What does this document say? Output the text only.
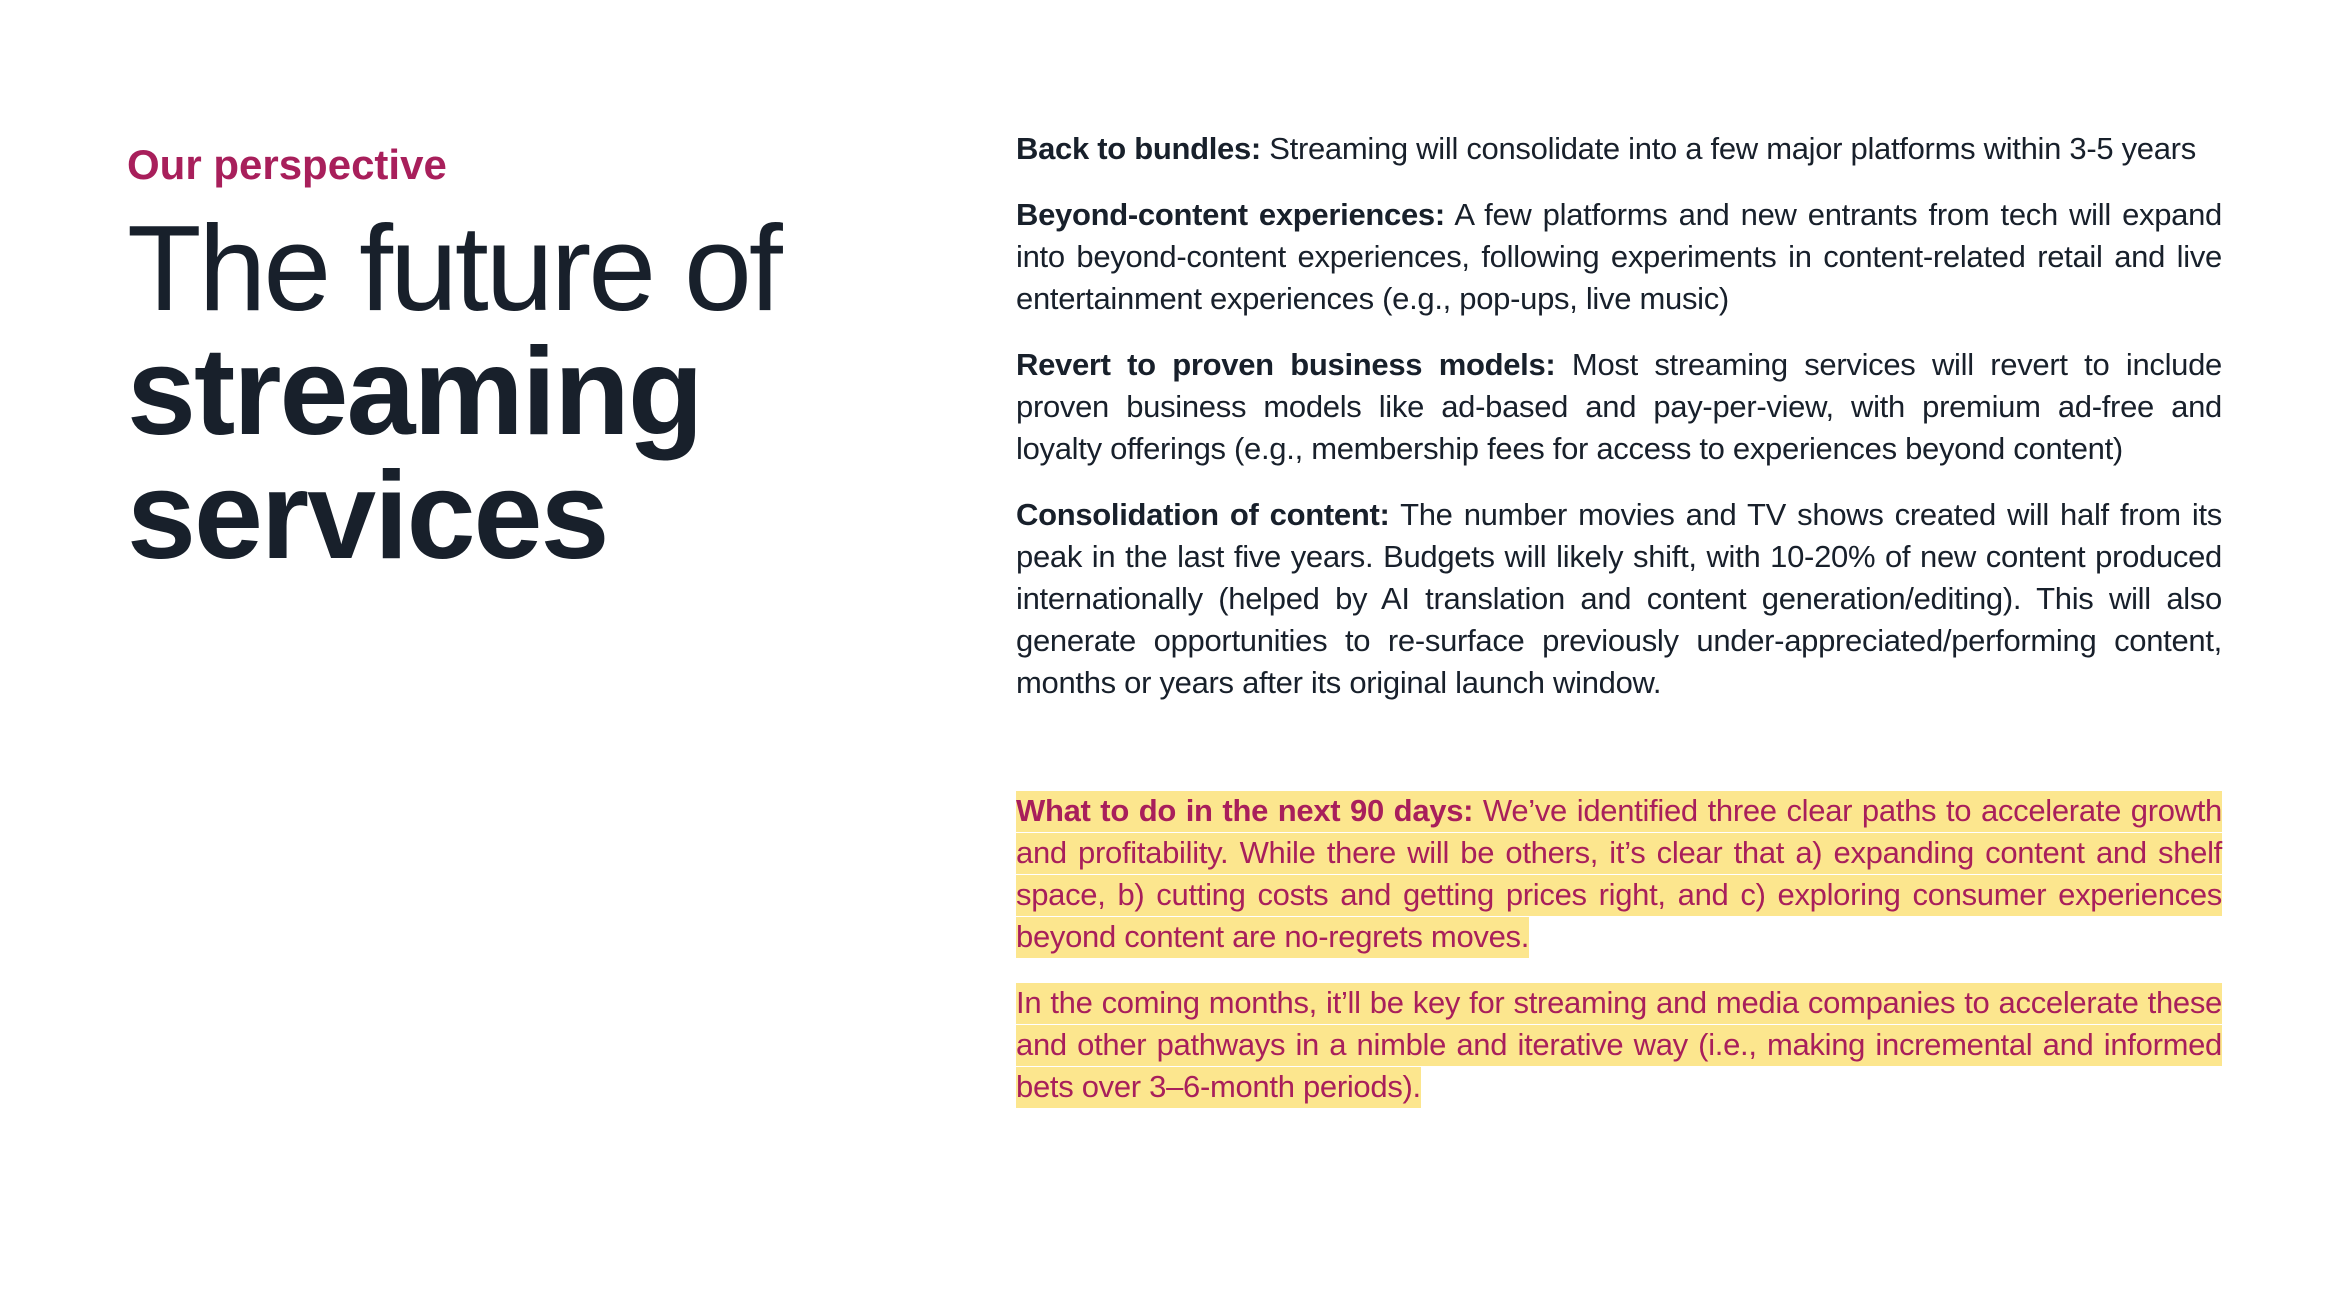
Our perspective

The future of
streaming
services

Back to bundles: Streaming will consolidate into a few major platforms within 3-5 years

Beyond-content experiences: A few platforms and new entrants from tech will expand into beyond-content experiences, following experiments in content-related retail and live entertainment experiences (e.g., pop-ups, live music)

Revert to proven business models: Most streaming services will revert to include proven business models like ad-based and pay-per-view, with premium ad-free and loyalty offerings (e.g., membership fees for access to experiences beyond content)

Consolidation of content: The number movies and TV shows created will half from its peak in the last five years. Budgets will likely shift, with 10-20% of new content produced internationally (helped by AI translation and content generation/editing). This will also generate opportunities to re-surface previously under-appreciated/performing content, months or years after its original launch window.

What to do in the next 90 days: We’ve identified three clear paths to accelerate growth and profitability. While there will be others, it’s clear that a) expanding content and shelf space, b) cutting costs and getting prices right, and c) exploring consumer experiences beyond content are no-regrets moves.

In the coming months, it’ll be key for streaming and media companies to accelerate these and other pathways in a nimble and iterative way (i.e., making incremental and informed bets over 3–6-month periods).
